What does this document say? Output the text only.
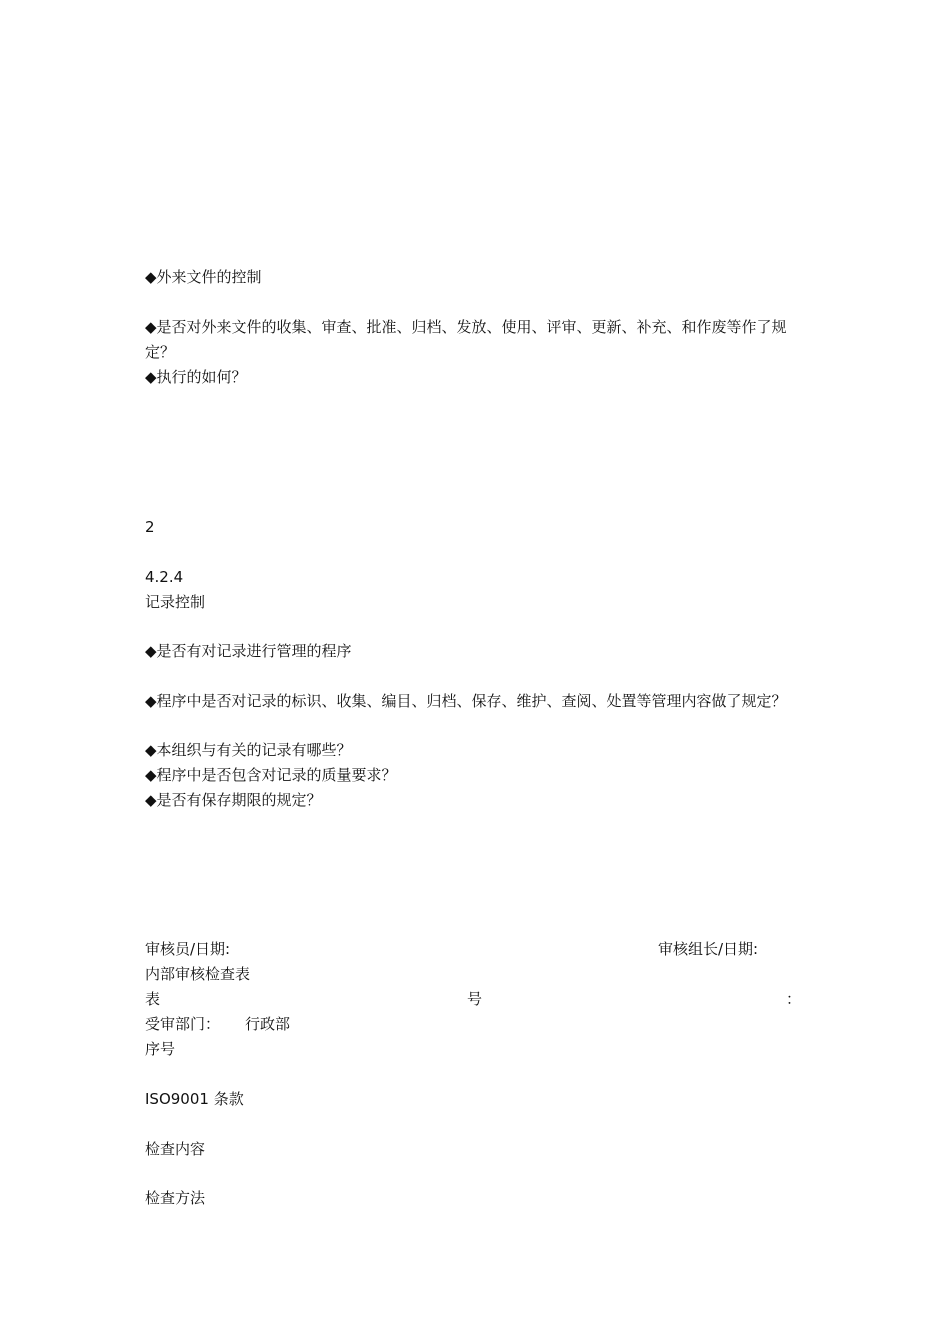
◆外来文件的控制
◆是否对外来文件的收集、审查、批准、归档、发放、使用、评审、更新、补充、和作废等作了规定？
◆执行的如何？
2
4.2.4
记录控制
◆是否有对记录进行管理的程序
◆程序中是否对记录的标识、收集、编目、归档、保存、维护、查阅、处置等管理内容做了规定？
◆本组织与有关的记录有哪些？
◆程序中是否包含对记录的质量要求？
◆是否有保存期限的规定？
审核员/日期:	审核组长/日期:
内部审核检查表
表	号	：
受审部门： 行政部
序号
ISO9001 条款
检查内容
检查方法
